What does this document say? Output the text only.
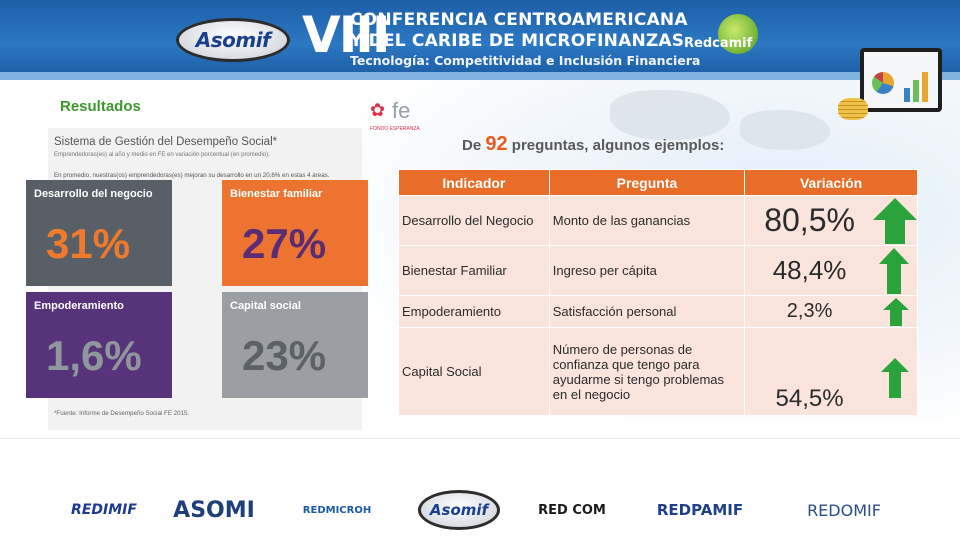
Asomif VIII
CONFERENCIA CENTROAMERICANA
Y DEL CARIBE DE MICROFINANZAS
Tecnología: Competitividad e Inclusión Financiera
Redcamif
Resultados	✿ fe
FONDO ESPERANZA
De 92 preguntas, algunos ejemplos:
Sistema de Gestión del Desempeño Social*
Emprendedoras(es) al año y medio en FE en variación porcentual (en promedio).
En promedio, nuestras(os) emprendedoras(es) mejoran su desarrollo en un 20,6% en estas 4 áreas.
*Fuente: Informe de Desempeño Social FE 2015.
Desarrollo del negocio
31%
Bienestar familiar
27%
Empoderamiento
1,6%
Capital social
23%
Indicador	Pregunta	Variación
Desarrollo del Negocio	Monto de las ganancias	80,5%

Bienestar Familiar	Ingreso per cápita	48,4%

Empoderamiento	Satisfacción personal	2,3%

Capital Social	Número de personas de confianza que tengo para ayudarme si tengo problemas en el negocio	54,5%
REDIMIF	ASOMI	REDMICROH	Asomif	RED COM	REDPAMIF	REDOMIF
